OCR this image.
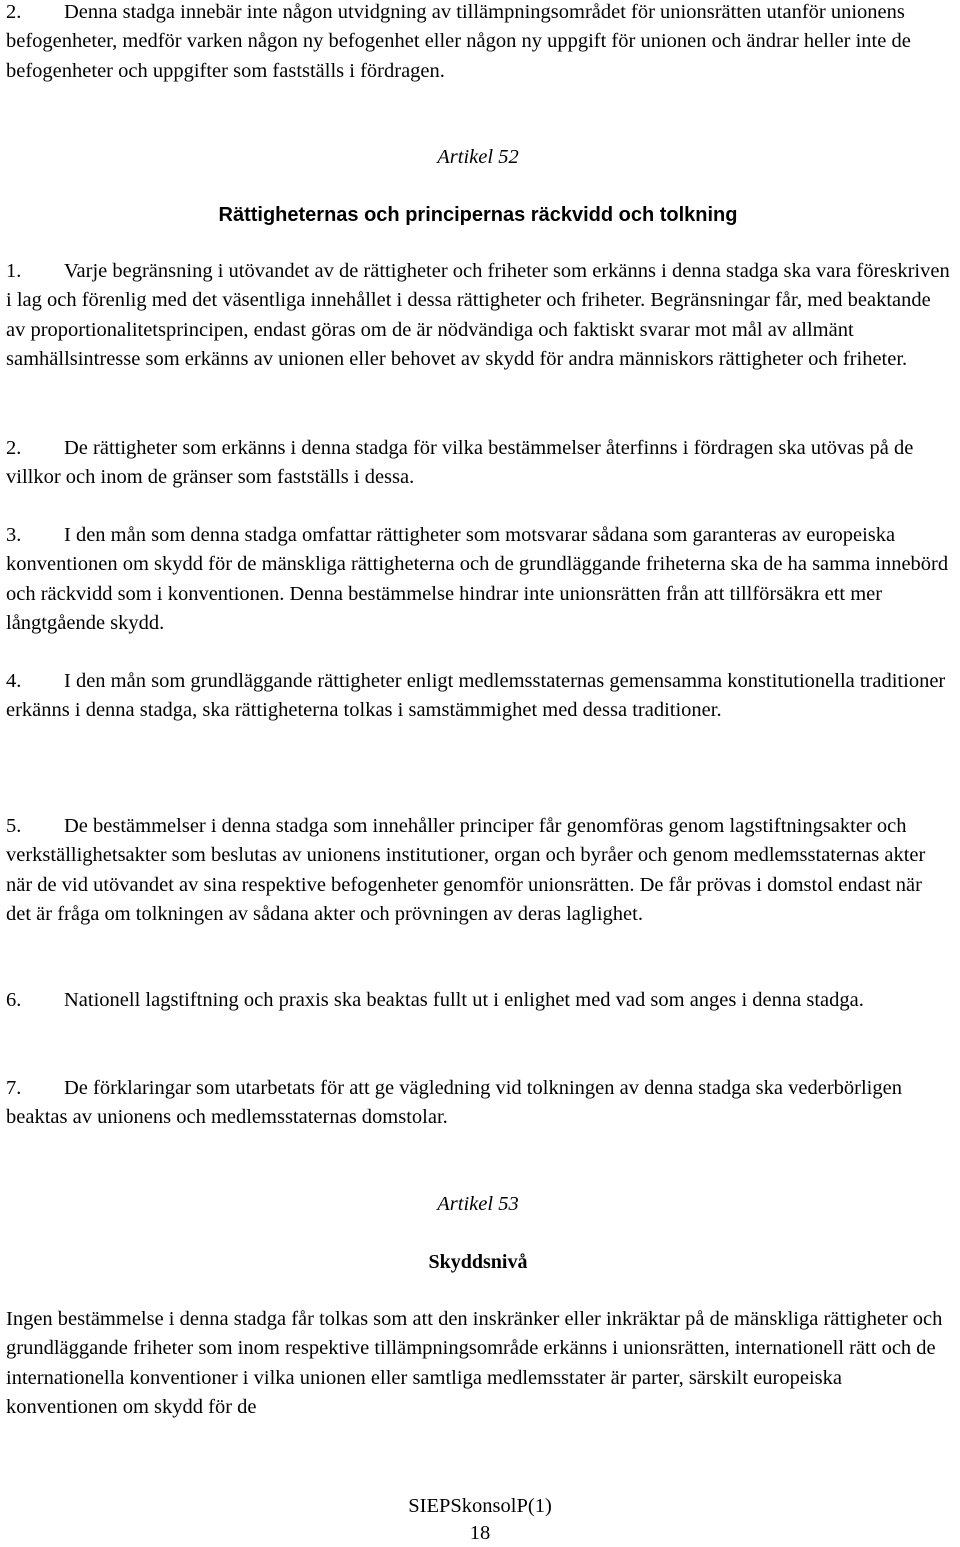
2. Denna stadga innebär inte någon utvidgning av tillämpningsområdet för unionsrätten utanför unionens befogenheter, medför varken någon ny befogenhet eller någon ny uppgift för unionen och ändrar heller inte de befogenheter och uppgifter som fastställs i fördragen.

Artikel 52

Rättigheternas och principernas räckvidd och tolkning

1. Varje begränsning i utövandet av de rättigheter och friheter som erkänns i denna stadga ska vara föreskriven i lag och förenlig med det väsentliga innehållet i dessa rättigheter och friheter. Begränsningar får, med beaktande av proportionalitetsprincipen, endast göras om de är nödvändiga och faktiskt svarar mot mål av allmänt samhällsintresse som erkänns av unionen eller behovet av skydd för andra människors rättigheter och friheter.

2. De rättigheter som erkänns i denna stadga för vilka bestämmelser återfinns i fördragen ska utövas på de villkor och inom de gränser som fastställs i dessa.

3. I den mån som denna stadga omfattar rättigheter som motsvarar sådana som garanteras av europeiska konventionen om skydd för de mänskliga rättigheterna och de grundläggande friheterna ska de ha samma innebörd och räckvidd som i konventionen. Denna bestämmelse hindrar inte unionsrätten från att tillförsäkra ett mer långtgående skydd.

4. I den mån som grundläggande rättigheter enligt medlemsstaternas gemensamma konstitutionella traditioner erkänns i denna stadga, ska rättigheterna tolkas i samstämmighet med dessa traditioner.

5. De bestämmelser i denna stadga som innehåller principer får genomföras genom lagstiftningsakter och verkställighetsakter som beslutas av unionens institutioner, organ och byråer och genom medlemsstaternas akter när de vid utövandet av sina respektive befogenheter genomför unionsrätten. De får prövas i domstol endast när det är fråga om tolkningen av sådana akter och prövningen av deras laglighet.

6. Nationell lagstiftning och praxis ska beaktas fullt ut i enlighet med vad som anges i denna stadga.

7. De förklaringar som utarbetats för att ge vägledning vid tolkningen av denna stadga ska vederbörligen beaktas av unionens och medlemsstaternas domstolar.

Artikel 53

Skyddsnivå

Ingen bestämmelse i denna stadga får tolkas som att den inskränker eller inkräktar på de mänskliga rättigheter och grundläggande friheter som inom respektive tillämpningsområde erkänns i unionsrätten, internationell rätt och de internationella konventioner i vilka unionen eller samtliga medlemsstater är parter, särskilt europeiska konventionen om skydd för de

SIEPSkonsolP(1)
18
